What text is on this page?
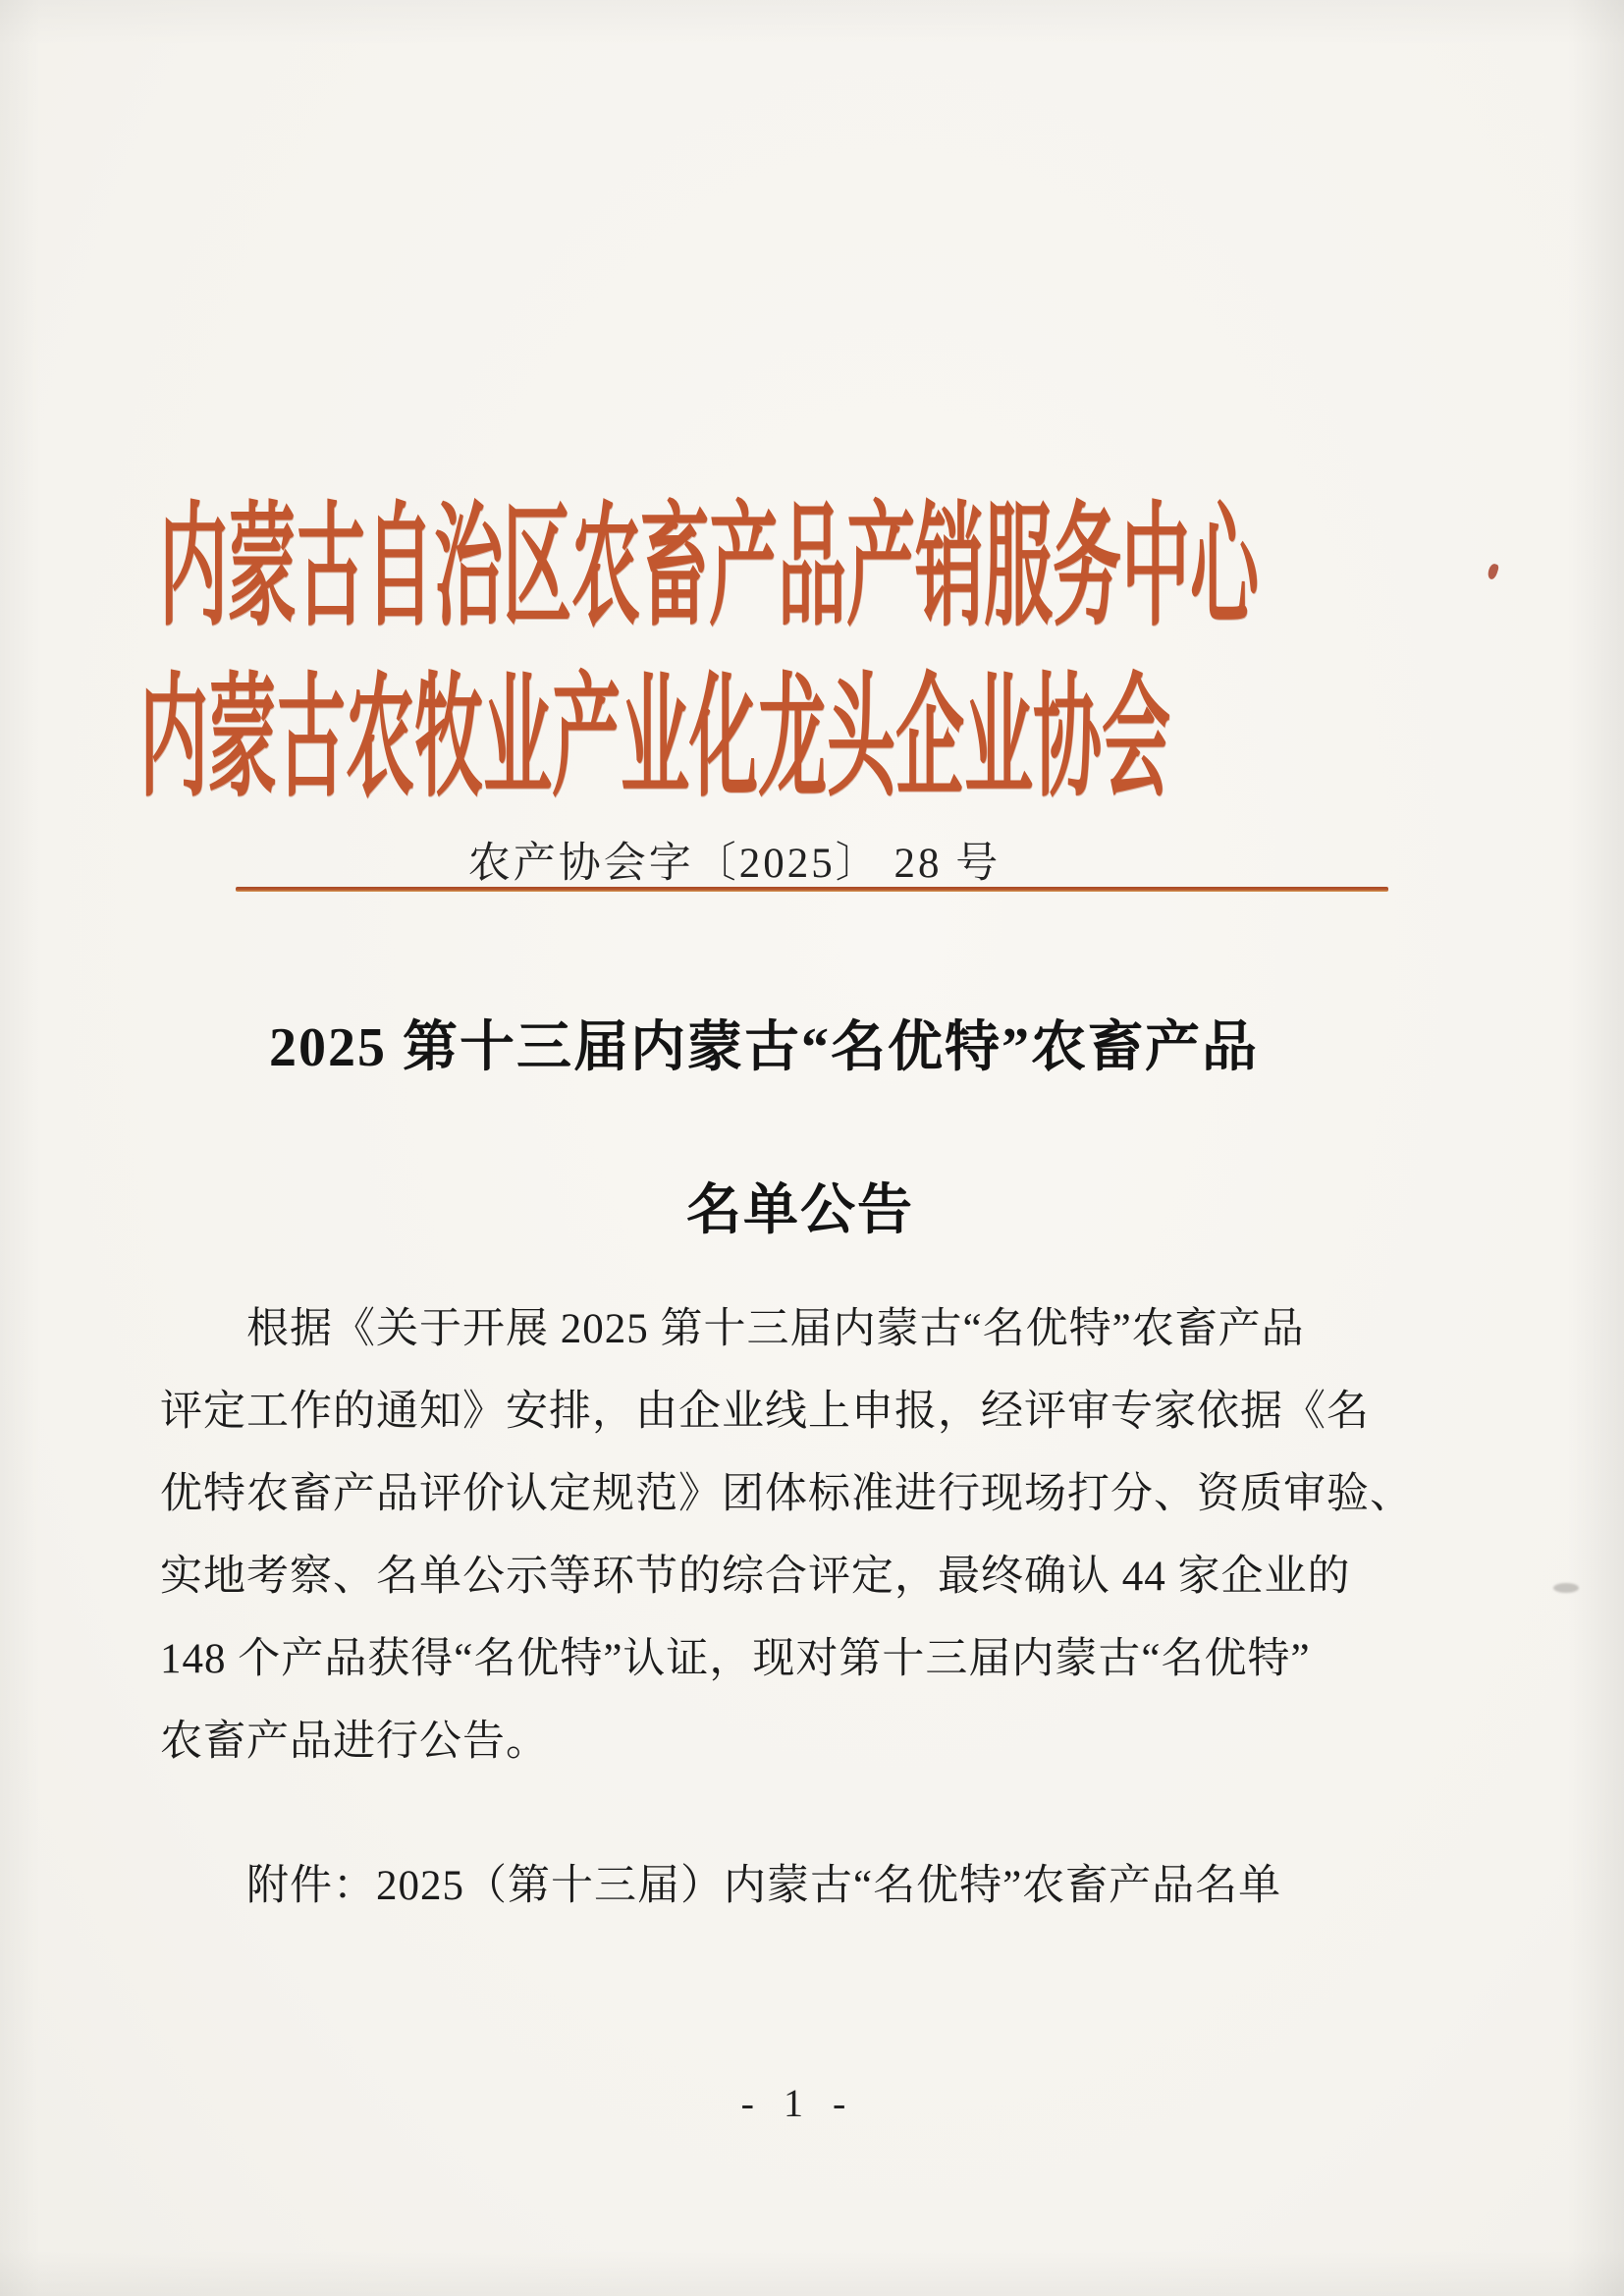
内蒙古自治区农畜产品产销服务中心
内蒙古农牧业产业化龙头企业协会
农产协会字〔2025〕 28 号
2025 第十三届内蒙古“名优特”农畜产品
名单公告
根据《关于开展 2025 第十三届内蒙古“名优特”农畜产品
评定工作的通知》安排，由企业线上申报，经评审专家依据《名
优特农畜产品评价认定规范》团体标准进行现场打分、资质审验、
实地考察、名单公示等环节的综合评定，最终确认 44 家企业的
148 个产品获得“名优特”认证，现对第十三届内蒙古“名优特”
农畜产品进行公告。
附件：2025（第十三届）内蒙古“名优特”农畜产品名单
- 1 -
